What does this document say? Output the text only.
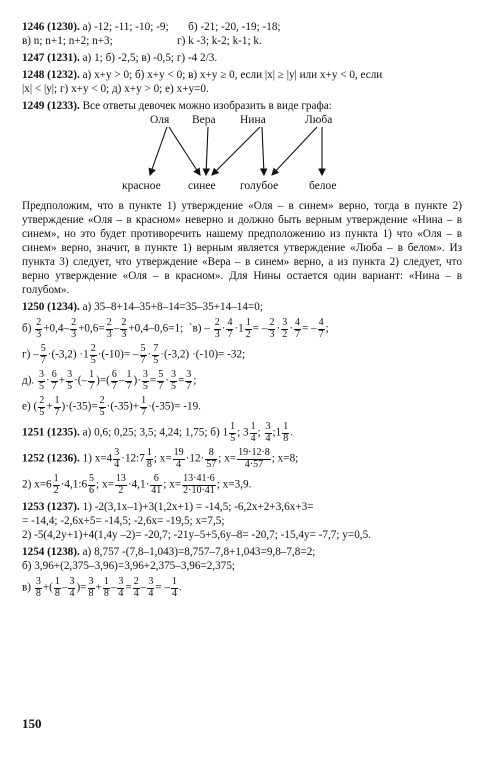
1246 (1230). а) -12; -11; -10; -9; б) -21; -20, -19; -18;
в) n; n+1; n+2; n+3;	г) k -3; k-2; k-1; k.
1247 (1231). а) 1; б) -2,5; в) -0,5; г) -4 2/3.
1248 (1232). а) x+y > 0; б) x+y < 0; в) x+y ≥ 0, если |x| ≥ |y| или x+y < 0, если
|x| < |y|; г) x+y < 0; д) x+y > 0; е) x+y=0.
1249 (1233). Все ответы девочек можно изобразить в виде графа:
Оля Вера Нина	Люба
красное синее голубое	белое

Предположим, что в пункте 1) утверждение «Оля – в синем» верно, тогда в пункте 2) утверждение «Оля – в красном» неверно и должно быть верным утверждение «Нина – в синем», но это будет противоречить нашему предположению из пункта 1) что «Оля – в синем» верно, значит, в пункте 1) верным является утверждение «Люба – в белом». Из пункта 3) следует, что утверждение «Вера – в синем» верно, а из пункта 2) следует, что верно утверждение «Оля – в красном». Для Нины остается один вариант: «Нина – в голубом».

1250 (1234). а) 35–8+14–35+8–14=35–35+14–14=0;
$б) \frac{2}{3} +0,4- \frac{2}{3} +0,6= \frac{2}{3} - \frac{2}{3} +0,4-0,6=1$; `в) – $\frac{2}{3} \cdot \frac{4}{7} \cdot 1 \frac{1}{2}$ = – $\frac{2}{3} \cdot \frac{3}{2} \cdot \frac{4}{7}$ = – $\frac{4}{7}$ ;
$г) - \frac{5}{7} \cdot(-3,2) \cdot 1 \frac{2}{5} \cdot(-10)= - \frac{5}{7} \cdot \frac{7}{5} \cdot(-3,2) \cdot(-10)= -32$;
д). $\frac{3}{5} \cdot \frac{6}{7} + \frac{3}{5}$ ·(– $\frac{1}{7}$ )=( $\frac{6}{7} - \frac{1}{7}$ )· $\frac{3}{5} = \frac{5}{7} \cdot \frac{3}{5} = \frac{3}{7}$ ;
е) ( $\frac{2}{5} + \frac{1}{7} )\cdot(-35)= \frac{2}{5} \cdot(-35)+ \frac{1}{7} \cdot(-35)= -19$.
1251 (1235). а) 0,6; 0,25; 3,5; 4,24; 1,75; б) $1 \frac{1}{5}$ ; $3 \frac{1}{4}$ ; $\frac{3}{4}$ ;1 $\frac{1}{8}$ .
1252 (1236). 1) $x=4 \frac{3}{4}$ ·12:7 $\frac{1}{8}$ ; $x= \frac{19}{4} \cdot 12\cdot \frac{8}{57}$ ; $x= \frac{19\cdot 12\cdot 8}{4\cdot 57}$ ; x=8;
2) $x=6 \frac{1}{2}$ ·4,1:6 $\frac{5}{6}$ ; $x= \frac{13}{2} \cdot 4,1\cdot \frac{6}{41}$ ; $x= \frac{13\cdot 41\cdot 6}{2\cdot 10\cdot 41}$ ; x=3,9.
1253 (1237). 1) -2(3,1x–1)+3(1,2x+1) = -14,5; -6,2x+2+3,6x+3=
= -14,4; -2,6x+5= -14,5; -2,6x= -19,5; x=7,5;
2) -5(4,2y+1)+4(1,4y –2)= -20,7; -21y–5+5,6y–8= -20,7; -15,4y= -7,7; y=0,5.
1254 (1238). а) 8,757 -(7,8–1,043)=8,757–7,8+1,043=9,8–7,8=2;
б) 3,96+(2,375–3,96)=3,96+2,375–3,96=2,375;
$в) \frac{3}{8}$ +( $\frac{1}{8} - \frac{3}{4}$ )= $\frac{3}{8} + \frac{1}{8} - \frac{3}{4} = \frac{2}{4} - \frac{3}{4}$ = – $\frac{1}{4}$ .
150
